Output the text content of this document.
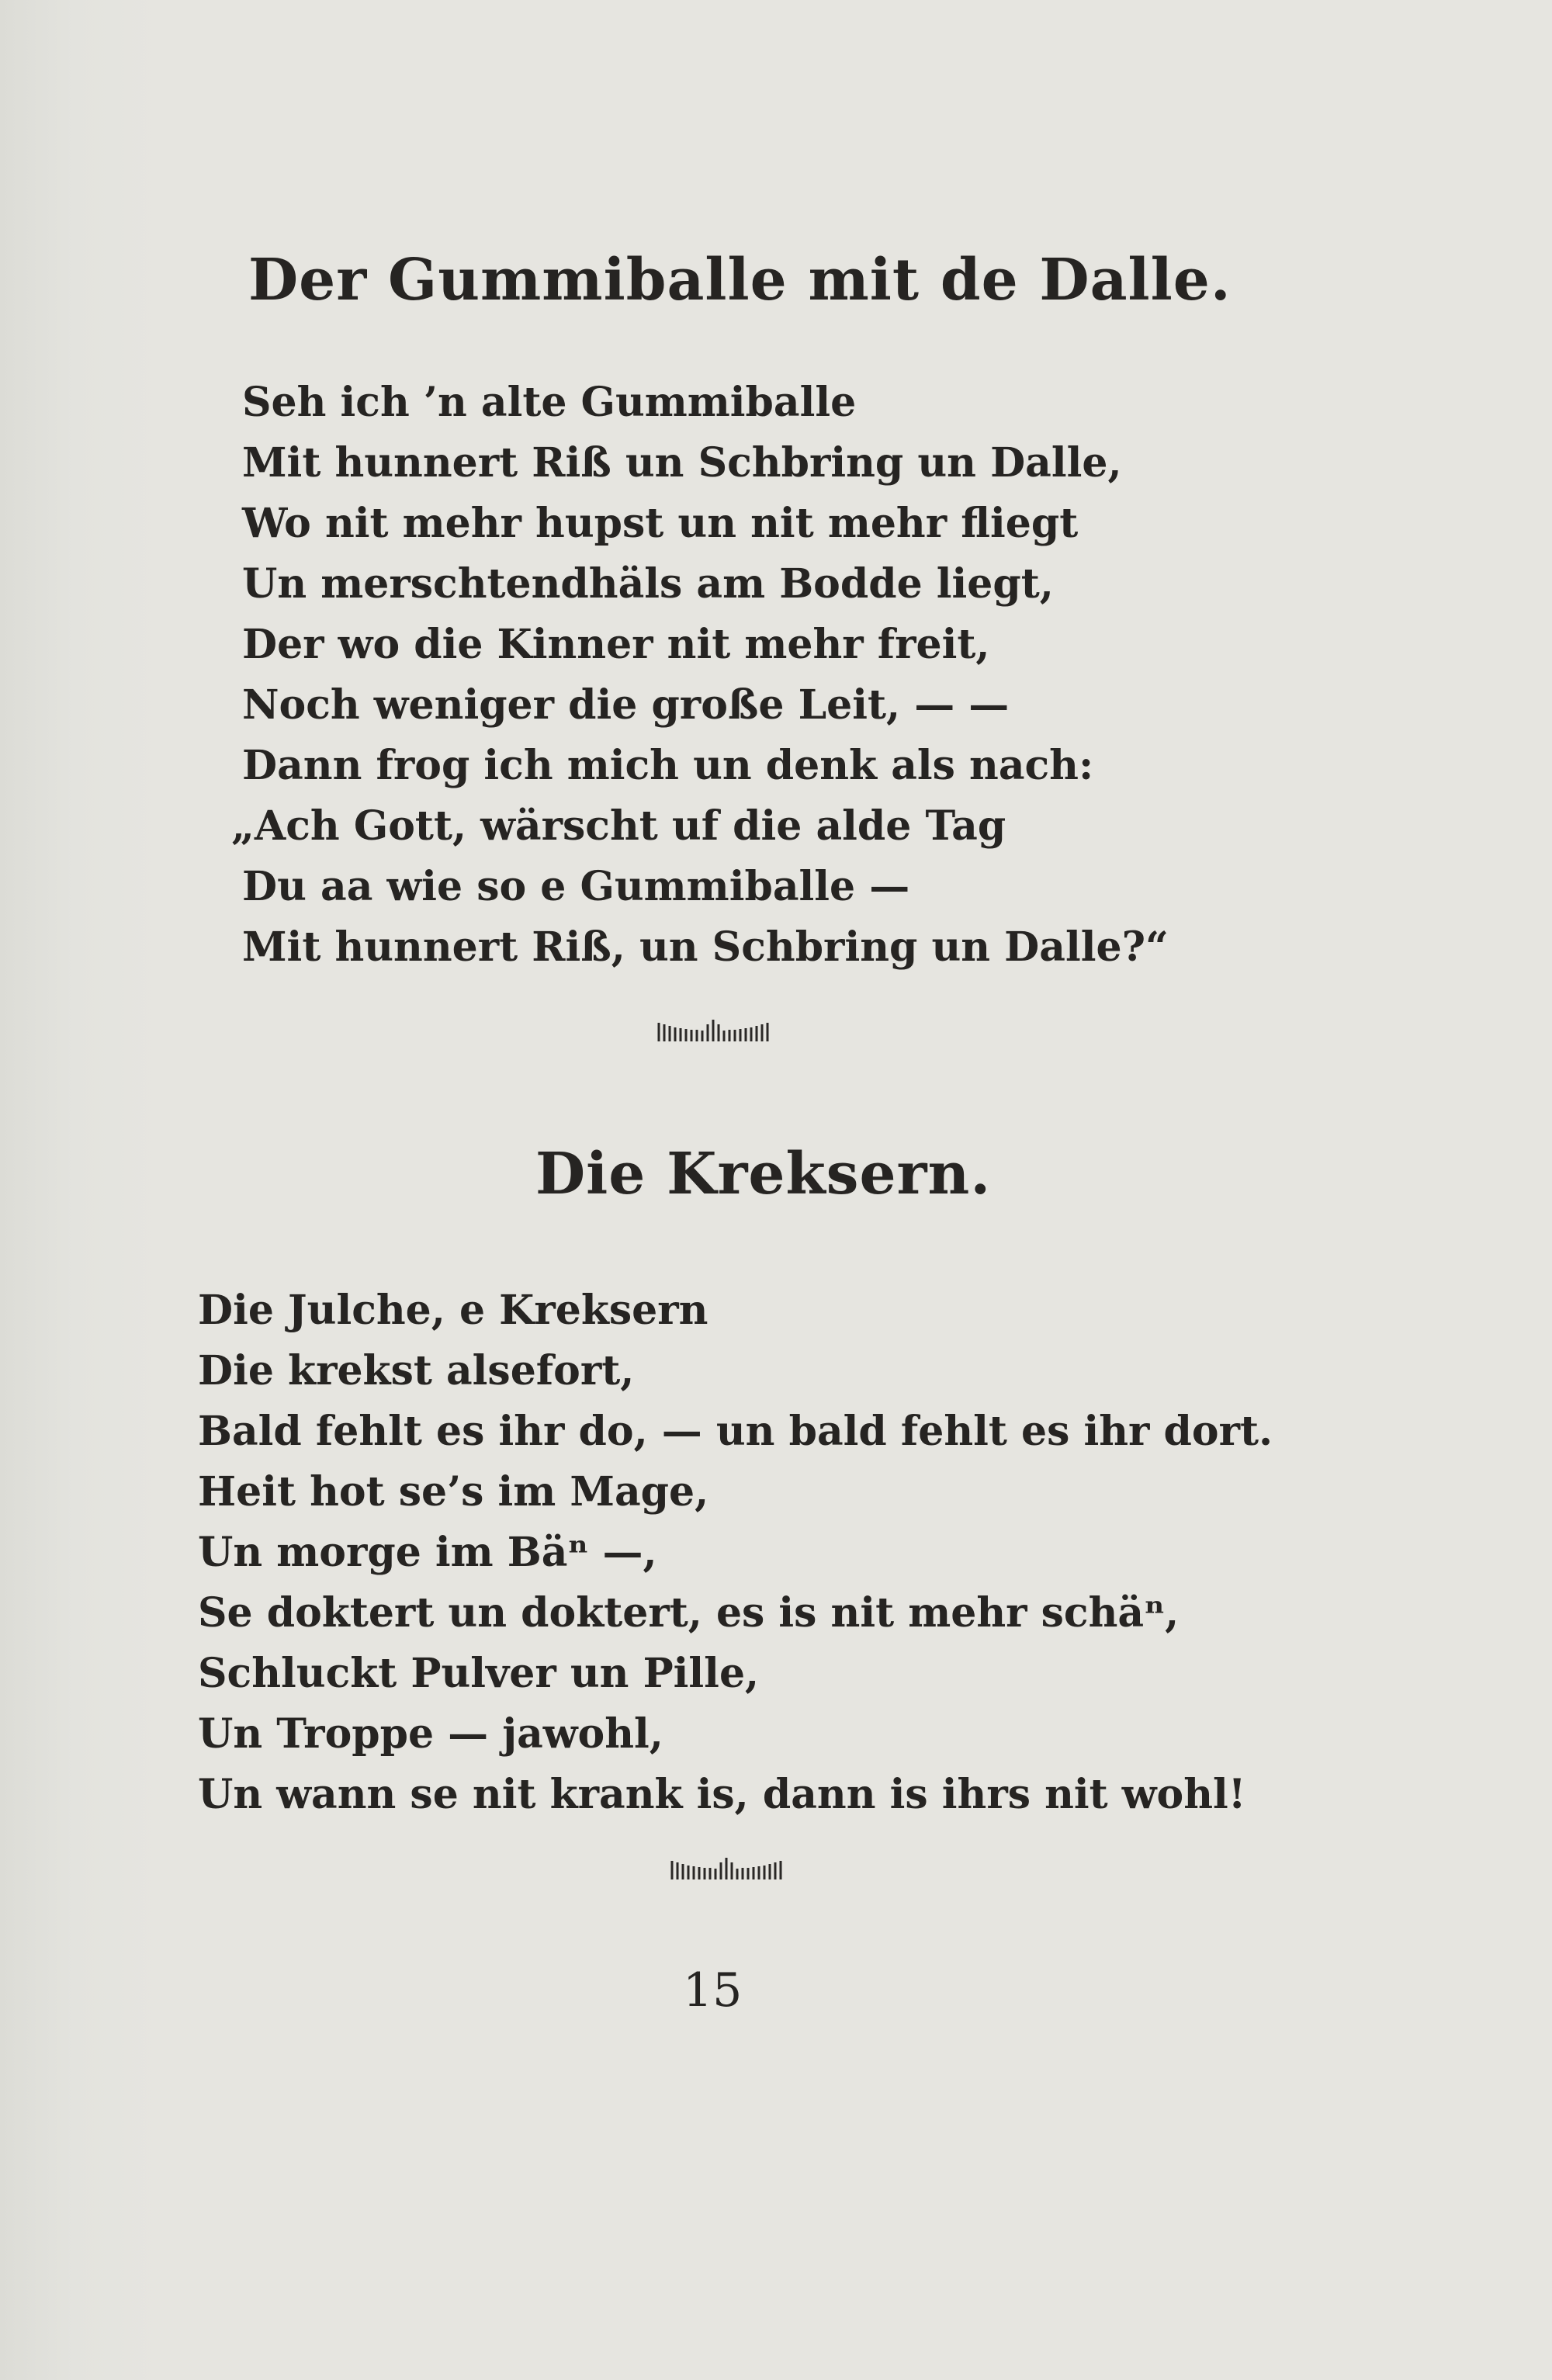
Der Gummiballe mit de Dalle.
Seh ich ’n alte Gummiballe
Mit hunnert Riß un Schbring un Dalle,
Wo nit mehr hupst un nit mehr fliegt
Un merschtendhäls am Bodde liegt,
Der wo die Kinner nit mehr freit,
Noch weniger die große Leit, — —
Dann frog ich mich un denk als nach:
„Ach Gott, wärscht uf die alde Tag
Du aa wie so e Gummiballe —
Mit hunnert Riß, un Schbring un Dalle?“
Die Kreksern.
Die Julche, e Kreksern
Die krekst alsefort,
Bald fehlt es ihr do, — un bald fehlt es ihr dort.
Heit hot se’s im Mage,
Un morge im Bäⁿ —,
Se doktert un doktert, es is nit mehr schäⁿ,
Schluckt Pulver un Pille,
Un Troppe — jawohl,
Un wann se nit krank is, dann is ihrs nit wohl!
15
